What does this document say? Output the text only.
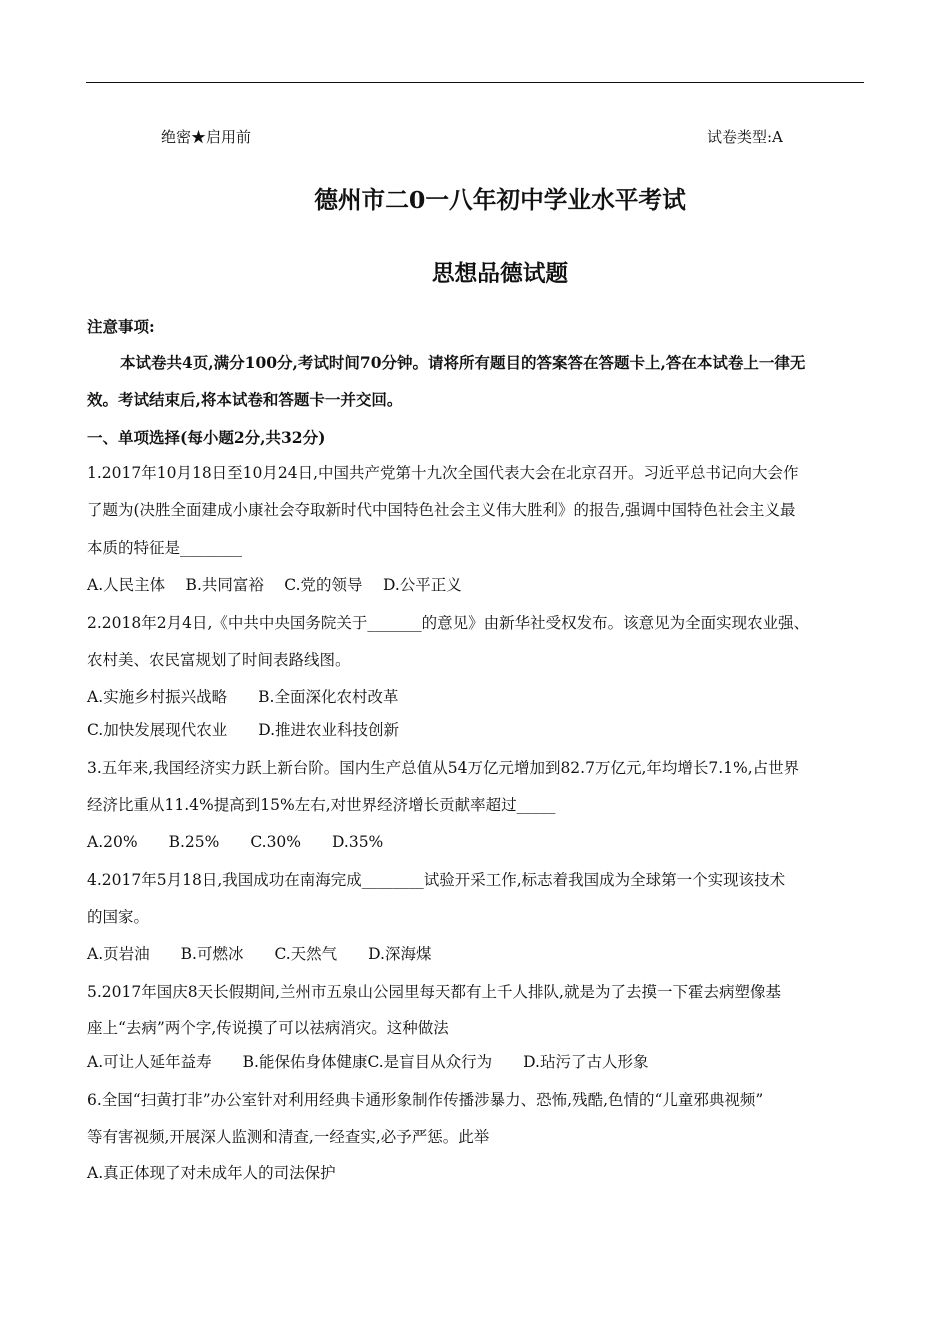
绝密★启用前	试卷类型:A
德州市二0一八年初中学业水平考试
思想品德试题
注意事项:
本试卷共4页,满分100分,考试时间70分钟。请将所有题目的答案答在答题卡上,答在本试卷上一律无
效。考试结束后,将本试卷和答题卡一并交回。
一、单项选择(每小题2分,共32分)
1.2017年10月18日至10月24日,中国共产党第十九次全国代表大会在北京召开。习近平总书记向大会作
了题为(决胜全面建成小康社会夺取新时代中国特色社会主义伟大胜利》的报告,强调中国特色社会主义最
本质的特征是________
A.人民主体　 B.共同富裕　 C.党的领导　 D.公平正义
2.2018年2月4日,《中共中央国务院关于_______的意见》由新华社受权发布。该意见为全面实现农业强、
农村美、农民富规划了时间表路线图。
A.实施乡村振兴战略　　B.全面深化农村改革
C.加快发展现代农业　　D.推进农业科技创新
3.五年来,我国经济实力跃上新台阶。国内生产总值从54万亿元增加到82.7万亿元,年均增长7.1%,占世界
经济比重从11.4%提高到15%左右,对世界经济增长贡献率超过_____
A.20%　　B.25%　　C.30%　　D.35%
4.2017年5月18日,我国成功在南海完成________试验开采工作,标志着我国成为全球第一个实现该技术
的国家。
A.页岩油　　B.可燃冰　　C.天然气　　D.深海煤
5.2017年国庆8天长假期间,兰州市五泉山公园里每天都有上千人排队,就是为了去摸一下霍去病塑像基
座上“去病”两个字,传说摸了可以祛病消灾。这种做法
A.可让人延年益寿　　B.能保佑身体健康C.是盲目从众行为　　D.玷污了古人形象
6.全国“扫黄打非”办公室针对利用经典卡通形象制作传播涉暴力、恐怖,残酷,色情的“儿童邪典视频”
等有害视频,开展深人监测和清查,一经查实,必予严惩。此举
A.真正体现了对未成年人的司法保护
